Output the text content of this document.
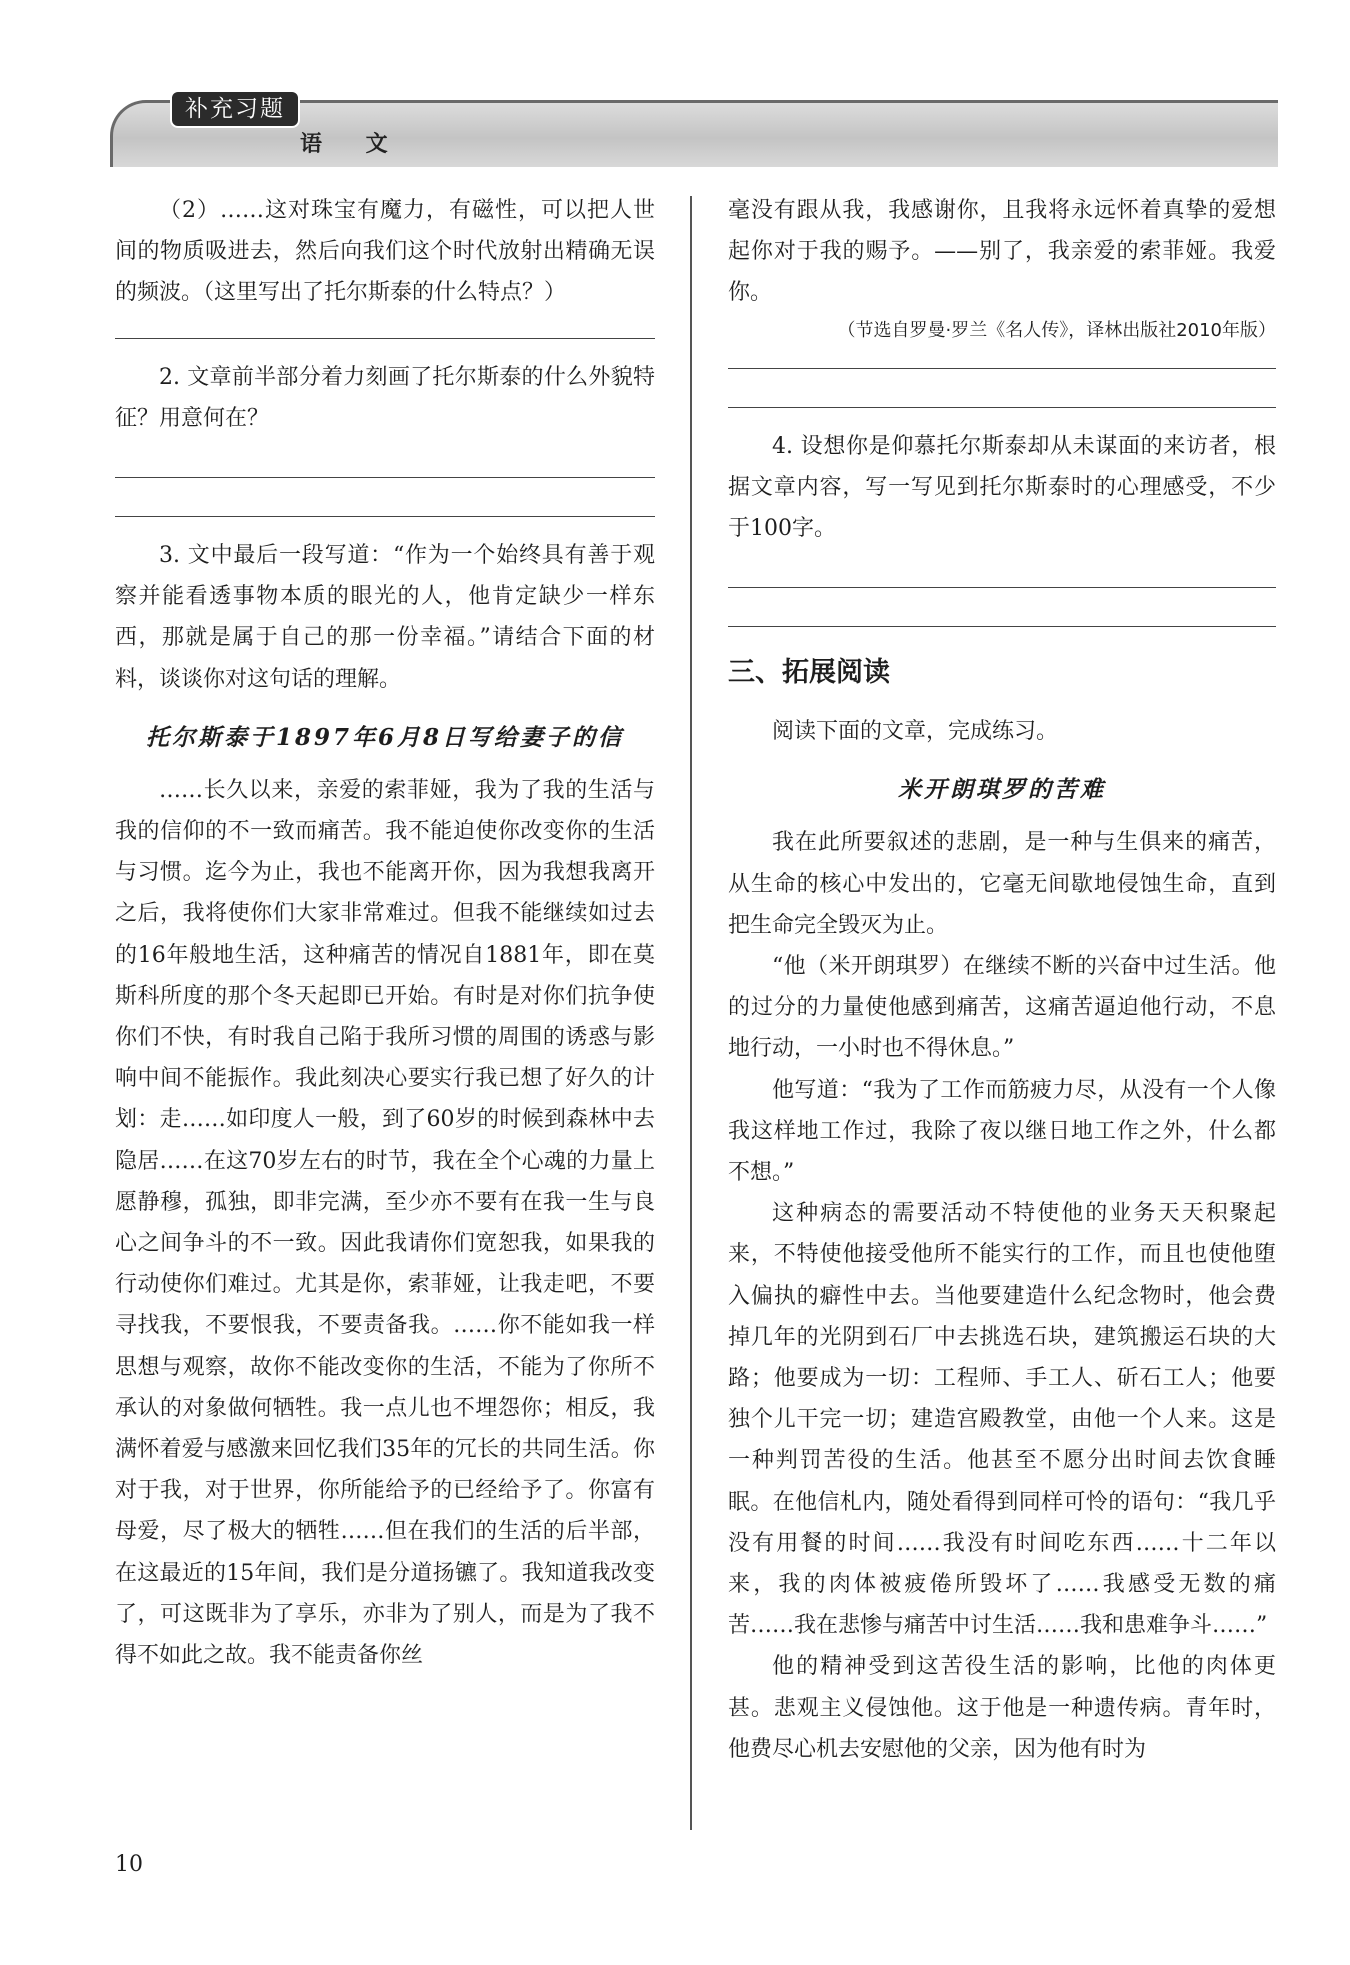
补充习题
语 文

（2）……这对珠宝有魔力，有磁性，可以把人世间的物质吸进去，然后向我们这个时代放射出精确无误的频波。（这里写出了托尔斯泰的什么特点？）

2. 文章前半部分着力刻画了托尔斯泰的什么外貌特征？用意何在？

3. 文中最后一段写道：“作为一个始终具有善于观察并能看透事物本质的眼光的人，他肯定缺少一样东西，那就是属于自己的那一份幸福。”请结合下面的材料，谈谈你对这句话的理解。

托尔斯泰于1897年6月8日写给妻子的信

……长久以来，亲爱的索菲娅，我为了我的生活与我的信仰的不一致而痛苦。我不能迫使你改变你的生活与习惯。迄今为止，我也不能离开你，因为我想我离开之后，我将使你们大家非常难过。但我不能继续如过去的16年般地生活，这种痛苦的情况自1881年，即在莫斯科所度的那个冬天起即已开始。有时是对你们抗争使你们不快，有时我自己陷于我所习惯的周围的诱惑与影响中间不能振作。我此刻决心要实行我已想了好久的计划：走……如印度人一般，到了60岁的时候到森林中去隐居……在这70岁左右的时节，我在全个心魂的力量上愿静穆，孤独，即非完满，至少亦不要有在我一生与良心之间争斗的不一致。因此我请你们宽恕我，如果我的行动使你们难过。尤其是你，索菲娅，让我走吧，不要寻找我，不要恨我，不要责备我。……你不能如我一样思想与观察，故你不能改变你的生活，不能为了你所不承认的对象做何牺牲。我一点儿也不埋怨你；相反，我满怀着爱与感激来回忆我们35年的冗长的共同生活。你对于我，对于世界，你所能给予的已经给予了。你富有母爱，尽了极大的牺牲……但在我们的生活的后半部，在这最近的15年间，我们是分道扬镳了。我知道我改变了，可这既非为了享乐，亦非为了别人，而是为了我不得不如此之故。我不能责备你丝

毫没有跟从我，我感谢你，且我将永远怀着真挚的爱想起你对于我的赐予。——别了，我亲爱的索菲娅。我爱你。

（节选自罗曼·罗兰《名人传》，译林出版社2010年版）

4. 设想你是仰慕托尔斯泰却从未谋面的来访者，根据文章内容，写一写见到托尔斯泰时的心理感受，不少于100字。

三、拓展阅读

阅读下面的文章，完成练习。

米开朗琪罗的苦难

我在此所要叙述的悲剧，是一种与生俱来的痛苦，从生命的核心中发出的，它毫无间歇地侵蚀生命，直到把生命完全毁灭为止。

“他（米开朗琪罗）在继续不断的兴奋中过生活。他的过分的力量使他感到痛苦，这痛苦逼迫他行动，不息地行动，一小时也不得休息。”

他写道：“我为了工作而筋疲力尽，从没有一个人像我这样地工作过，我除了夜以继日地工作之外，什么都不想。”

这种病态的需要活动不特使他的业务天天积聚起来，不特使他接受他所不能实行的工作，而且也使他堕入偏执的癖性中去。当他要建造什么纪念物时，他会费掉几年的光阴到石厂中去挑选石块，建筑搬运石块的大路；他要成为一切：工程师、手工人、斫石工人；他要独个儿干完一切；建造宫殿教堂，由他一个人来。这是一种判罚苦役的生活。他甚至不愿分出时间去饮食睡眠。在他信札内，随处看得到同样可怜的语句：“我几乎没有用餐的时间……我没有时间吃东西……十二年以来，我的肉体被疲倦所毁坏了……我感受无数的痛苦……我在悲惨与痛苦中讨生活……我和患难争斗……”

他的精神受到这苦役生活的影响，比他的肉体更甚。悲观主义侵蚀他。这于他是一种遗传病。青年时，他费尽心机去安慰他的父亲，因为他有时为

10
